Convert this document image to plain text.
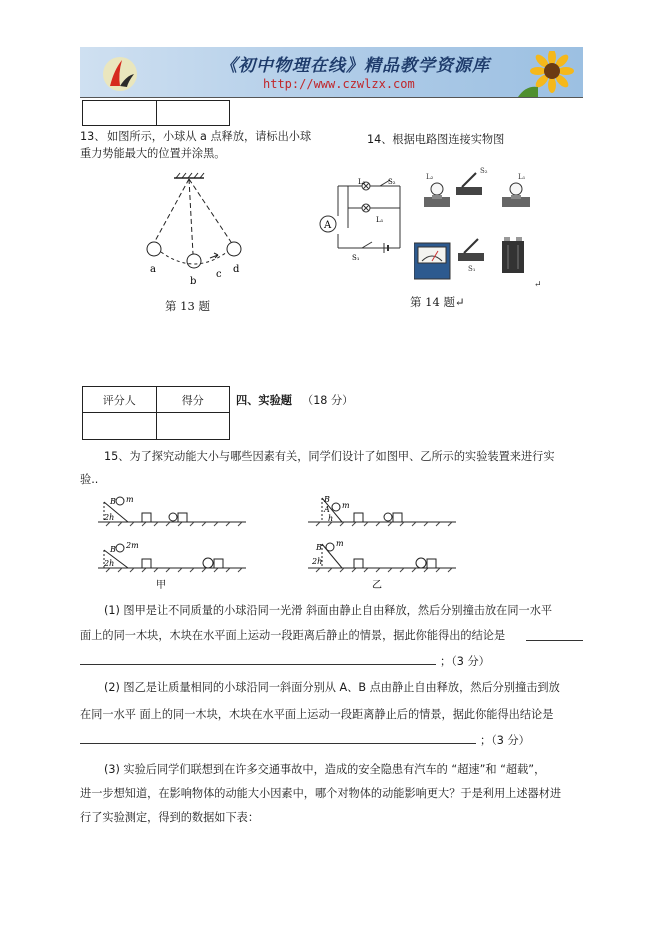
《初中物理在线》精品教学资源库
http://www.czwlzx.com

13、 如图所示，小球从 a 点释放，请标出小球
重力势能最大的位置并涂黑。
a
b
c d
第 13 题
14、根据电路图连接实物图
A
L₂	S₂
L₁
S₁
L₂
S₂
L₁
S₁
↵
第 14 题↵
评分人	得分
		四、实验题 （18 分）
15、为了探究动能大小与哪些因素有关，同学们设计了如图甲、乙所示的实验装置来进行实
验..
B m
2h
B 2m
2h
甲
B
A m
h
B m
2h
乙
(1) 图甲是让不同质量的小球沿同一光滑 斜面由静止自由释放，然后分别撞击放在同一水平
面上的同一木块，木块在水平面上运动一段距离后静止的情景，据此你能得出的结论是
；（3 分）
(2) 图乙是让质量相同的小球沿同一斜面分别从 A、B 点由静止自由释放，然后分别撞击到放
在同一水平 面上的同一木块，木块在水平面上运动一段距离静止后的情景，据此你能得出结论是
；（3 分）
(3) 实验后同学们联想到在许多交通事故中，造成的安全隐患有汽车的 “超速”和 “超载”，
进一步想知道，在影响物体的动能大小因素中，哪个对物体的动能影响更大？于是利用上述器材进
行了实验测定，得到的数据如下表：
